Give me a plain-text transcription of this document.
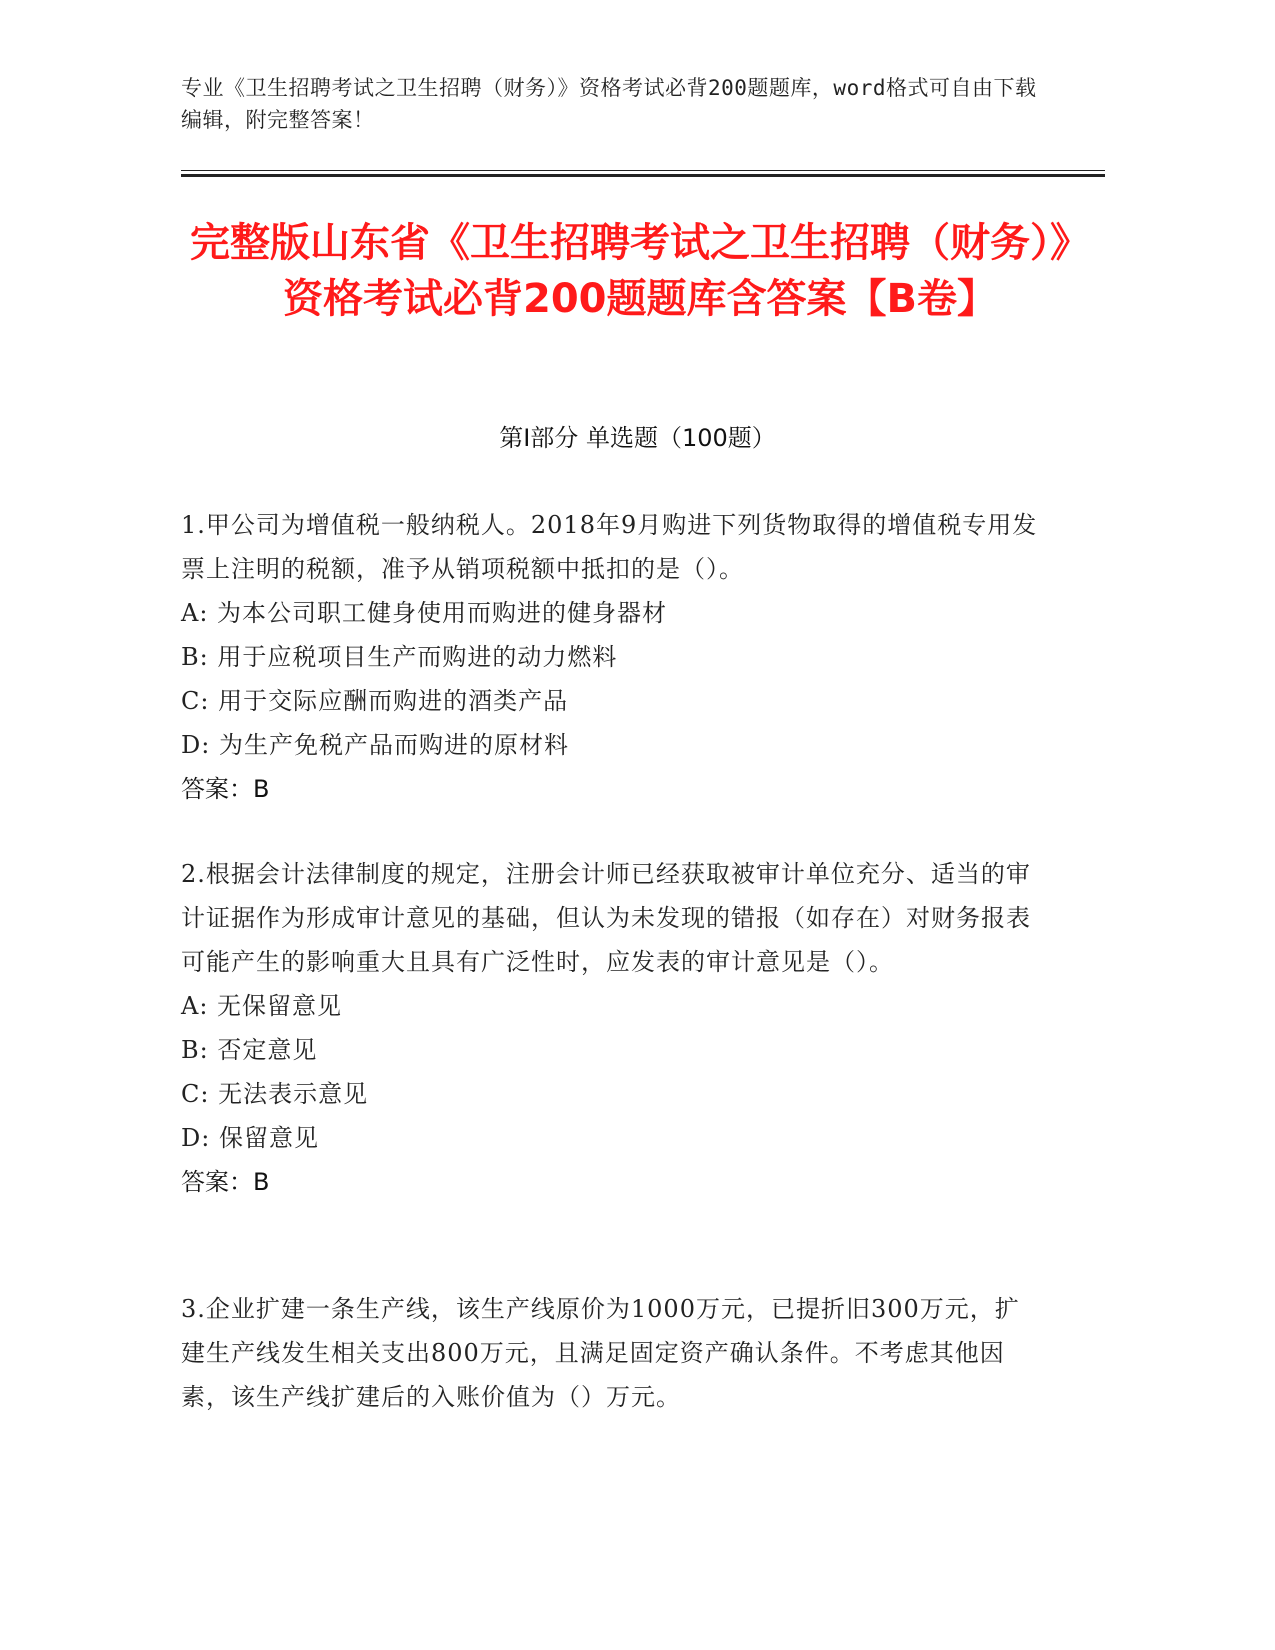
专业《卫生招聘考试之卫生招聘（财务）》资格考试必背200题题库，word格式可自由下载编辑，附完整答案！
完整版山东省《卫生招聘考试之卫生招聘（财务）》资格考试必背200题题库含答案【B卷】
第I部分 单选题（100题）

1.甲公司为增值税一般纳税人。2018年9月购进下列货物取得的增值税专用发票上注明的税额，准予从销项税额中抵扣的是（）。

A: 为本公司职工健身使用而购进的健身器材

B: 用于应税项目生产而购进的动力燃料

C: 用于交际应酬而购进的酒类产品

D: 为生产免税产品而购进的原材料

答案：B

2.根据会计法律制度的规定，注册会计师已经获取被审计单位充分、适当的审计证据作为形成审计意见的基础，但认为未发现的错报（如存在）对财务报表可能产生的影响重大且具有广泛性时，应发表的审计意见是（）。

A: 无保留意见

B: 否定意见

C: 无法表示意见

D: 保留意见

答案：B

3.企业扩建一条生产线，该生产线原价为1000万元，已提折旧300万元，扩建生产线发生相关支出800万元，且满足固定资产确认条件。不考虑其他因素，该生产线扩建后的入账价值为（）万元。
